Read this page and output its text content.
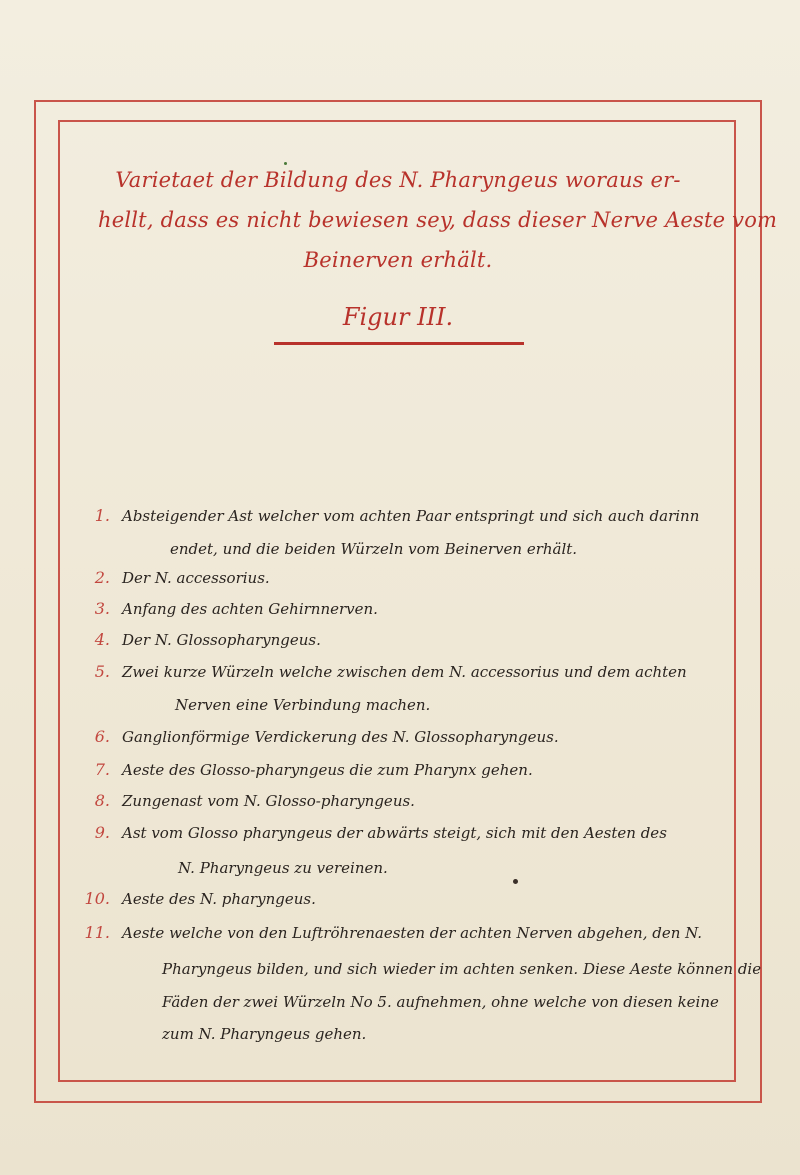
Varietaet der Bildung des N. Pharyngeus woraus er-
hellt, dass es nicht bewiesen sey, dass dieser Nerve Aeste vom
Beinerven erhält.
Figur III.
1. Absteigender Ast welcher vom achten Paar entspringt und sich auch darinn
endet, und die beiden Würzeln vom Beinerven erhält.
2. Der N. accessorius.
3. Anfang des achten Gehirnnerven.
4. Der N. Glossopharyngeus.
5. Zwei kurze Würzeln welche zwischen dem N. accessorius und dem achten
Nerven eine Verbindung machen.
6. Ganglionförmige Verdickerung des N. Glossopharyngeus.
7. Aeste des Glosso-pharyngeus die zum Pharynx gehen.
8. Zungenast vom N. Glosso-pharyngeus.
9. Ast vom Glosso pharyngeus der abwärts steigt, sich mit den Aesten des
N. Pharyngeus zu vereinen.
10. Aeste des N. pharyngeus.
11. Aeste welche von den Luftröhrenaesten der achten Nerven abgehen, den N.
Pharyngeus bilden, und sich wieder im achten senken. Diese Aeste können die
Fäden der zwei Würzeln No 5. aufnehmen, ohne welche von diesen keine
zum N. Pharyngeus gehen.
